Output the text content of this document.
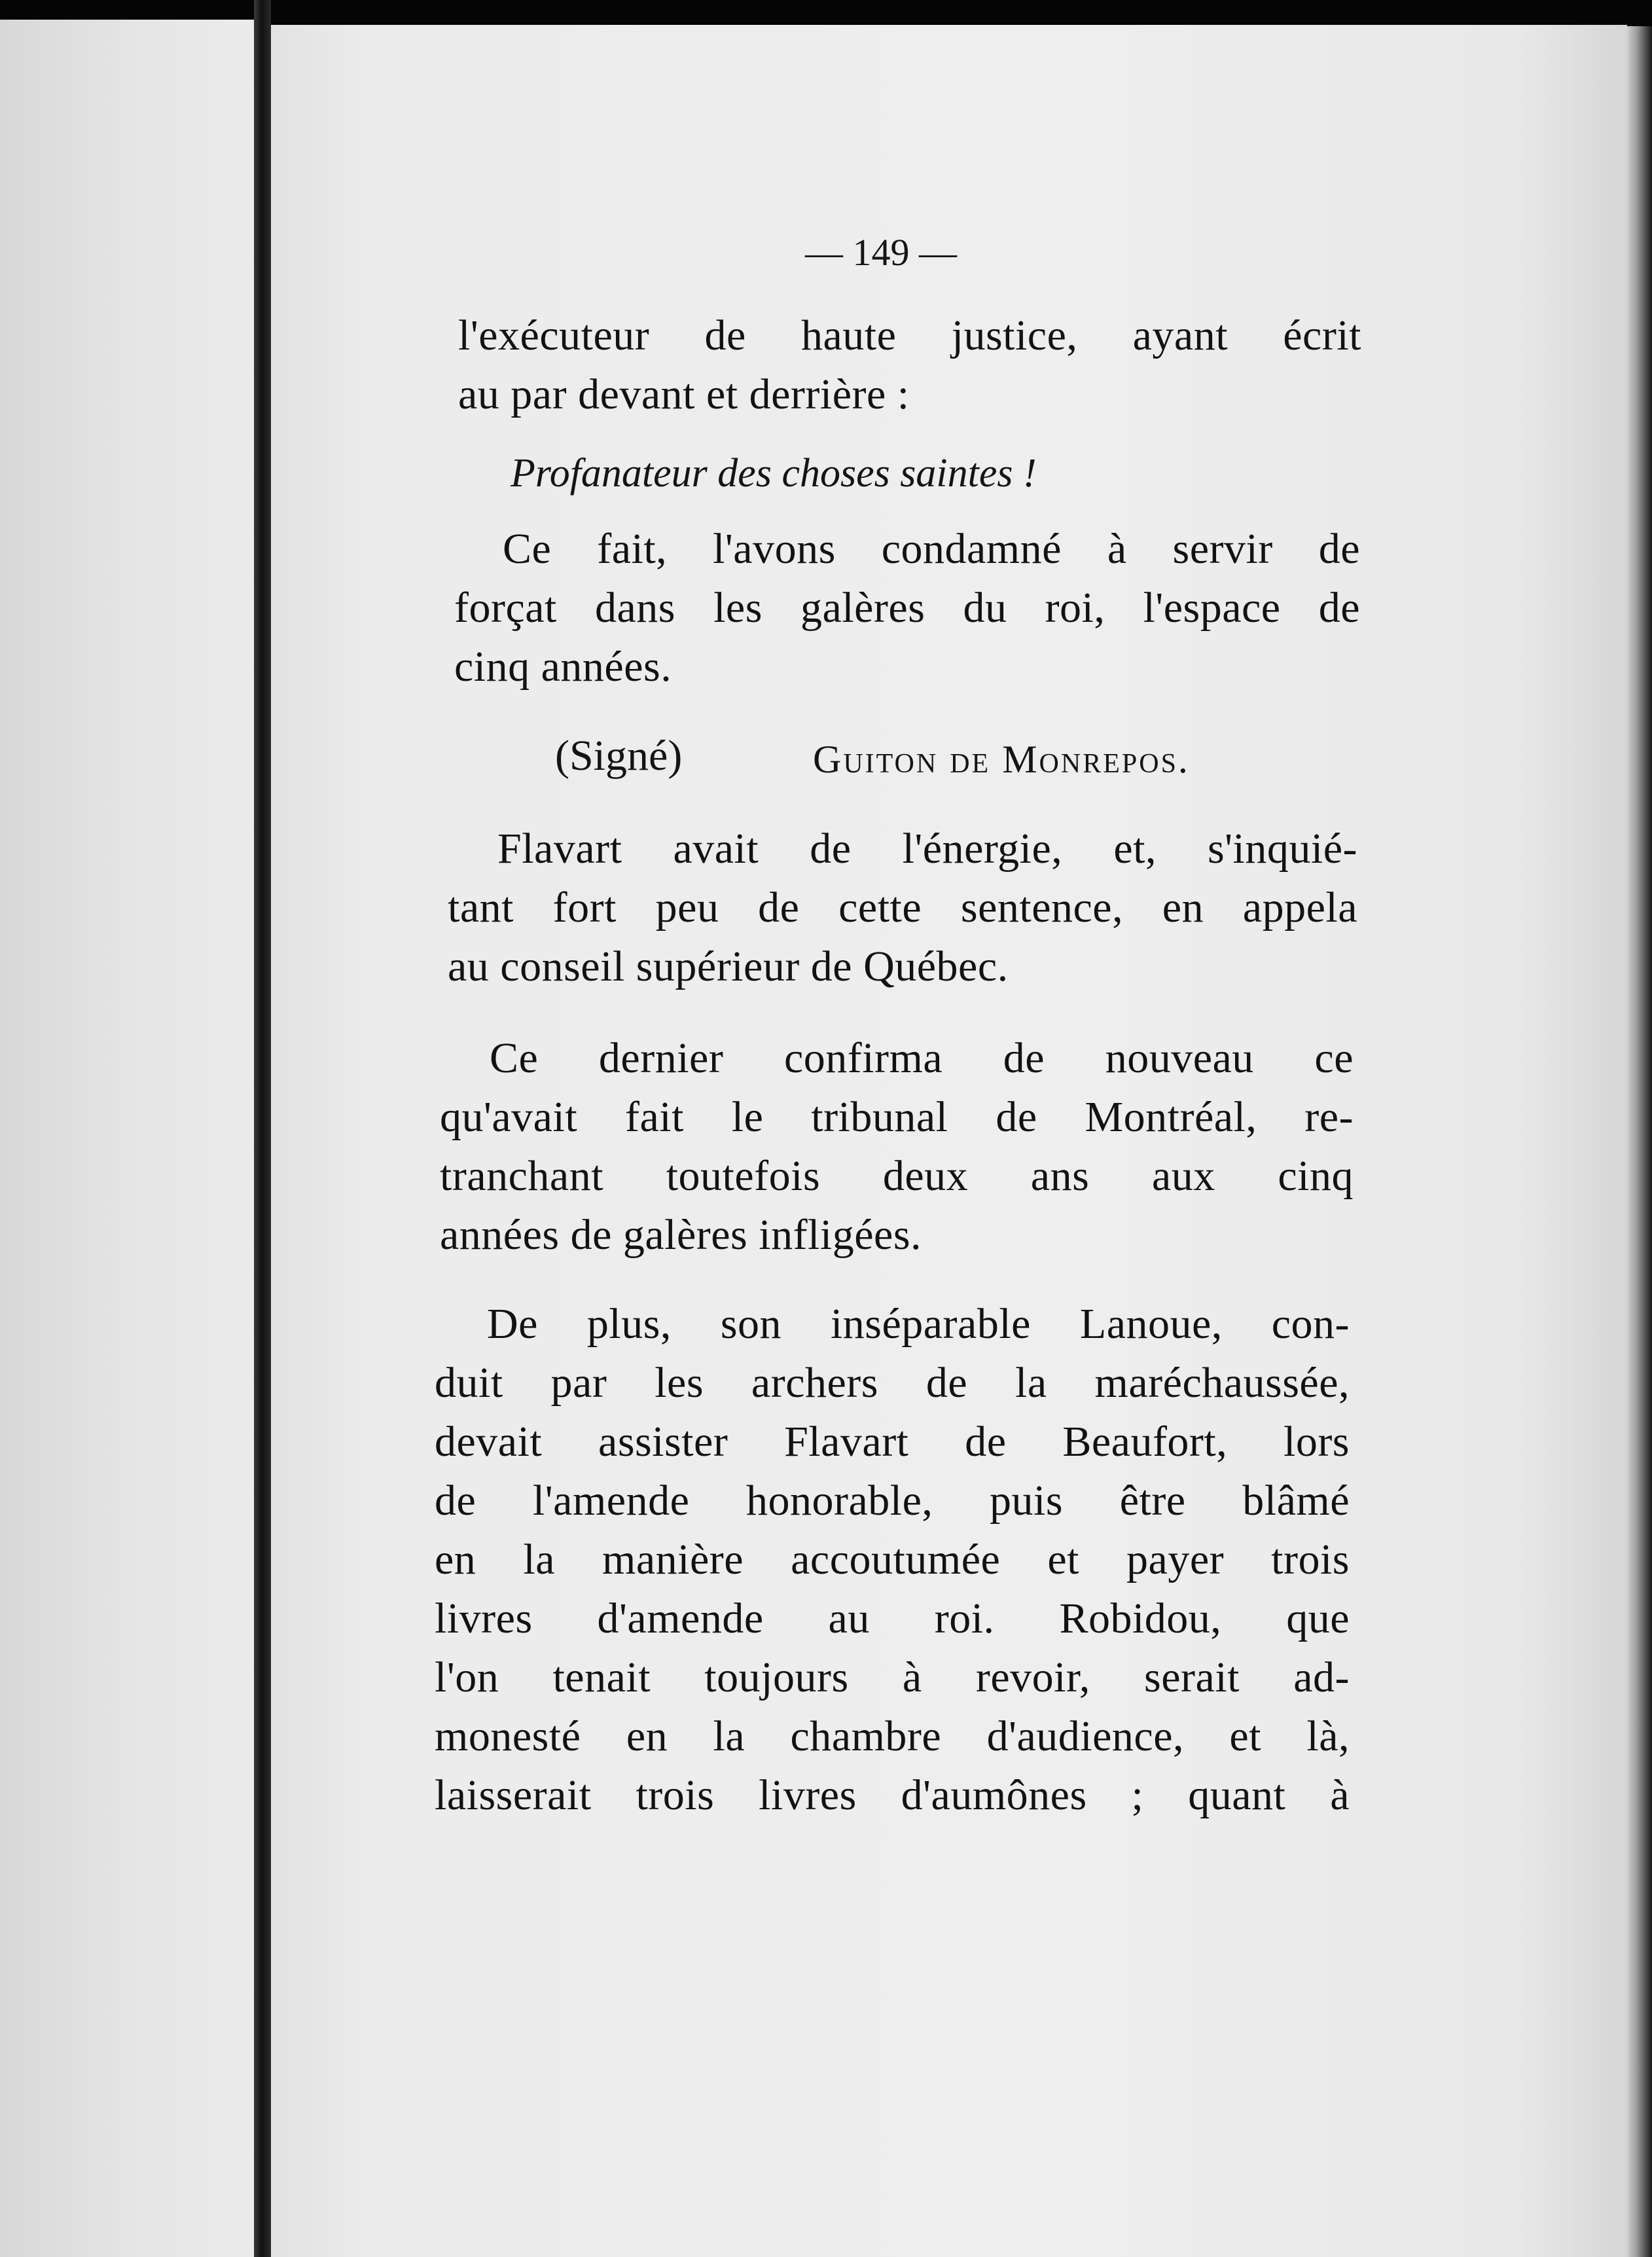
— 149 —
l'exécuteur de haute justice, ayant écrit
au par devant et derrière :
Profanateur des choses saintes !
Ce fait, l'avons condamné à servir de
forçat dans les galères du roi, l'espace de
cinq années.
(Signé)	Guiton de Monrepos.
Flavart avait de l'énergie, et, s'inquié-
tant fort peu de cette sentence, en appela
au conseil supérieur de Québec.
Ce dernier confirma de nouveau ce
qu'avait fait le tribunal de Montréal, re-
tranchant toutefois deux ans aux cinq
années de galères infligées.
De plus, son inséparable Lanoue, con-
duit par les archers de la maréchaussée,
devait assister Flavart de Beaufort, lors
de l'amende honorable, puis être blâmé
en la manière accoutumée et payer trois
livres d'amende au roi. Robidou, que
l'on tenait toujours à revoir, serait ad-
monesté en la chambre d'audience, et là,
laisserait trois livres d'aumônes ; quant à
